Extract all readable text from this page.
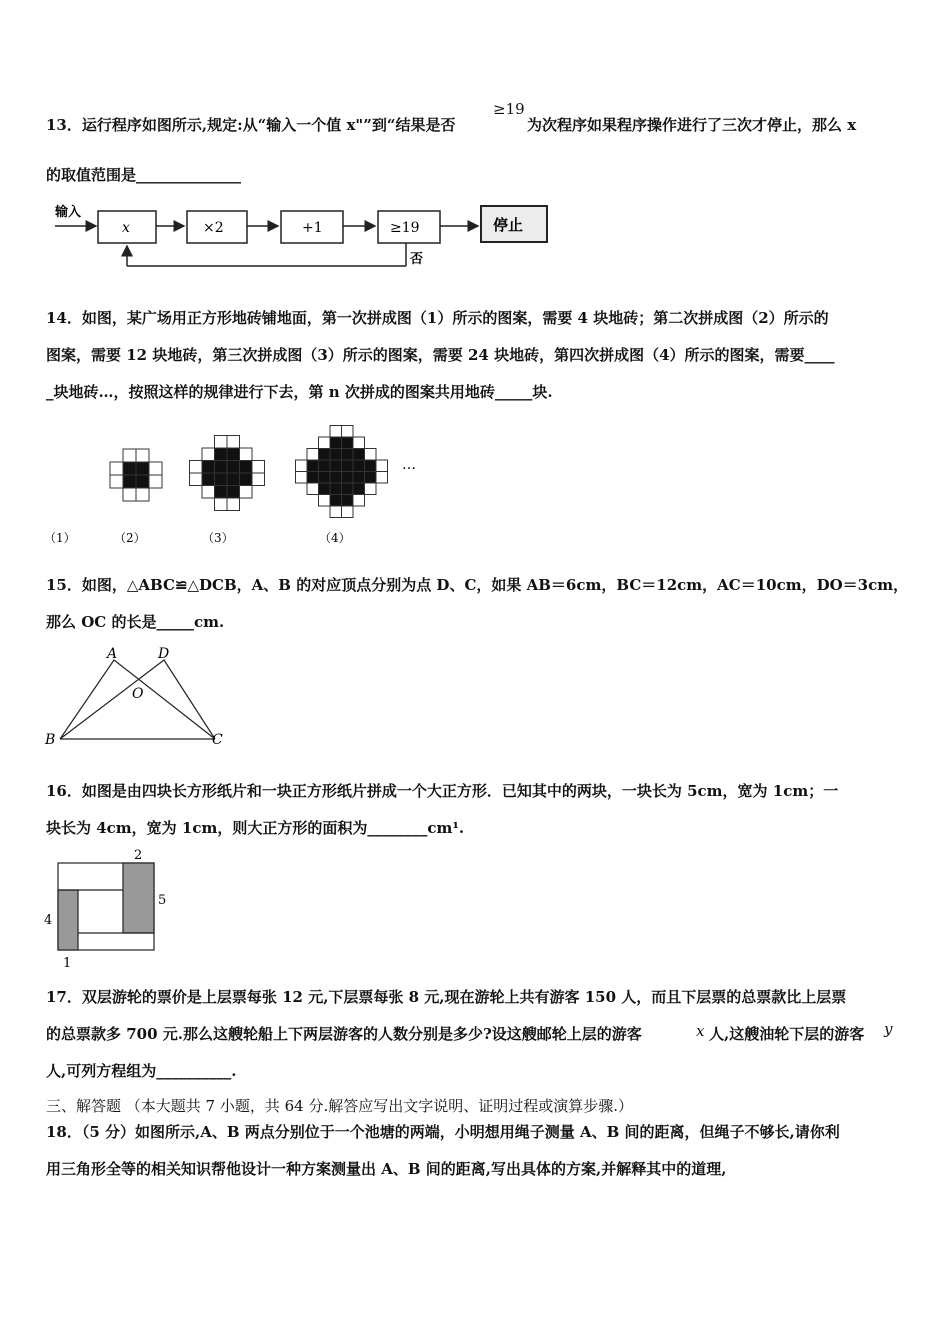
13．运行程序如图所示,规定:从“输入一个值 x"”到“结果是否
≥19
为次程序如果程序操作进行了三次才停止，那么 x
的取值范围是______________
输入
x	×2	+1	≥19	停止
否
14．如图，某广场用正方形地砖铺地面，第一次拼成图（1）所示的图案，需要 4 块地砖；第二次拼成图（2）所示的
图案，需要 12 块地砖，第三次拼成图（3）所示的图案，需要 24 块地砖，第四次拼成图（4）所示的图案，需要____
_块地砖…，按照这样的规律进行下去，第 n 次拼成的图案共用地砖_____块.
…
（1）	（2）	（3）	（4）
15．如图，△ABC≌△DCB，A、B 的对应顶点分别为点 D、C，如果 AB＝6cm，BC＝12cm，AC＝10cm，DO＝3cm，
那么 OC 的长是_____cm.
A	D
O
B	C
16．如图是由四块长方形纸片和一块正方形纸片拼成一个大正方形．已知其中的两块，一块长为 5cm，宽为 1cm；一
块长为 4cm，宽为 1cm，则大正方形的面积为________cm¹.
2
5
4
1
17．双层游轮的票价是上层票每张 12 元,下层票每张 8 元,现在游轮上共有游客 150 人，而且下层票的总票款比上层票
的总票款多 700 元.那么这艘轮船上下两层游客的人数分别是多少?设这艘邮轮上层的游客	x 人,这艘油轮下层的游客 y
人,可列方程组为__________.
三、解答题 （本大题共 7 小题，共 64 分.解答应写出文字说明、证明过程或演算步骤.）
18．（5 分）如图所示,A、B 两点分别位于一个池塘的两端，小明想用绳子测量 A、B 间的距离，但绳子不够长,请你利
用三角形全等的相关知识帮他设计一种方案测量出 A、B 间的距离,写出具体的方案,并解释其中的道理,
